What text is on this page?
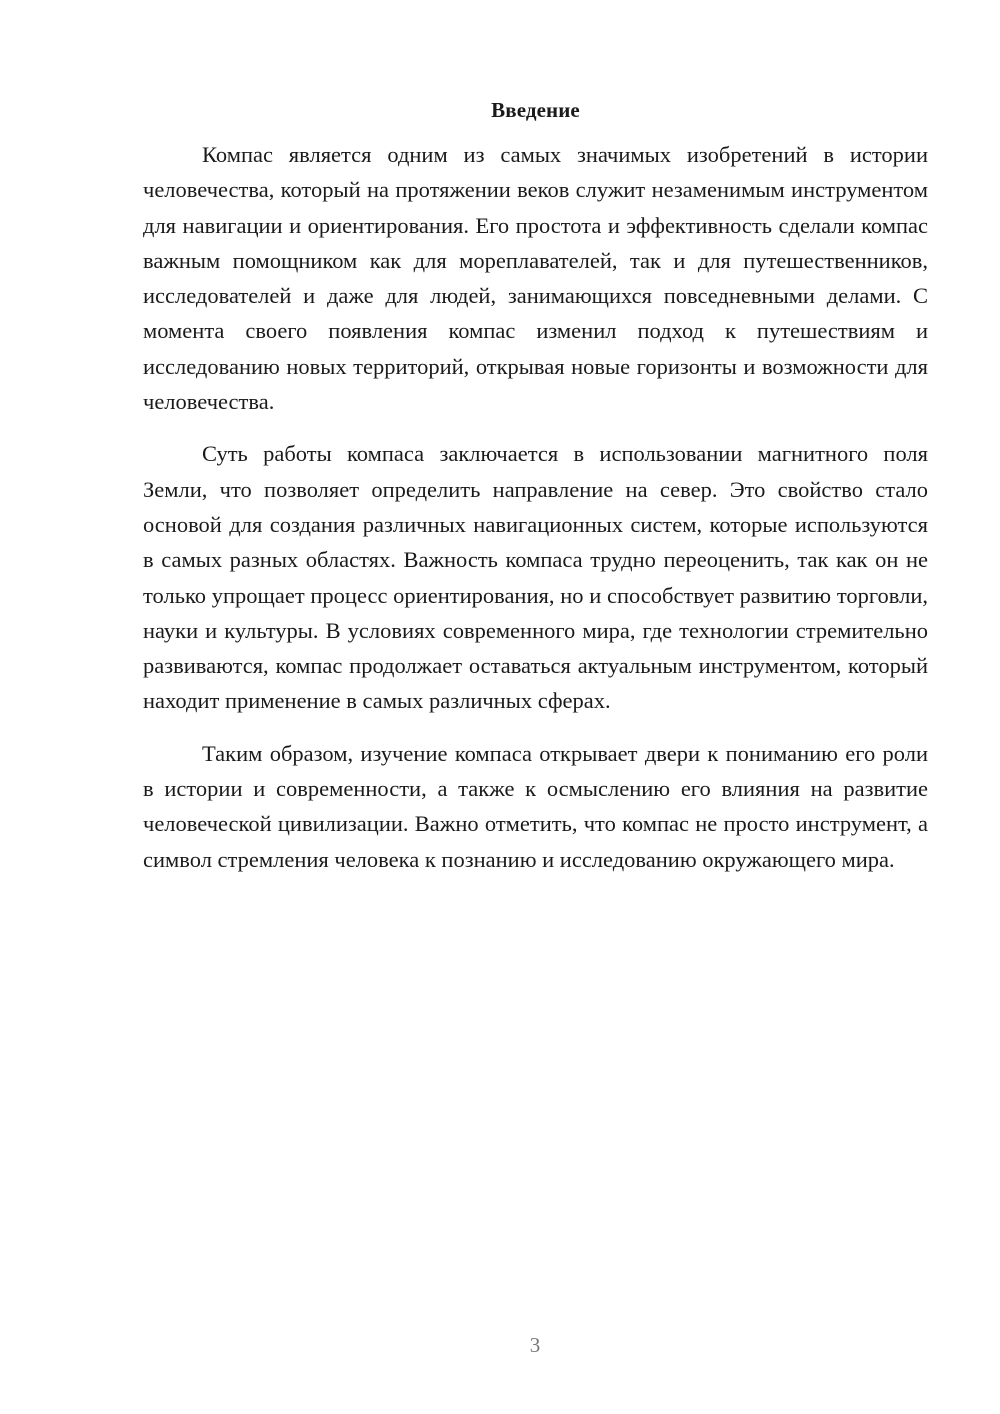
Введение

Компас является одним из самых значимых изобретений в истории человечества, который на протяжении веков служит незаменимым инструментом для навигации и ориентирования. Его простота и эффективность сделали компас важным помощником как для мореплавателей, так и для путешественников, исследователей и даже для людей, занимающихся повседневными делами. С момента своего появления компас изменил подход к путешествиям и исследованию новых территорий, открывая новые горизонты и возможности для человечества.

Суть работы компаса заключается в использовании магнитного поля Земли, что позволяет определить направление на север. Это свойство стало основой для создания различных навигационных систем, которые используются в самых разных областях. Важность компаса трудно переоценить, так как он не только упрощает процесс ориентирования, но и способствует развитию торговли, науки и культуры. В условиях современного мира, где технологии стремительно развиваются, компас продолжает оставаться актуальным инструментом, который находит применение в самых различных сферах.

Таким образом, изучение компаса открывает двери к пониманию его роли в истории и современности, а также к осмыслению его влияния на развитие человеческой цивилизации. Важно отметить, что компас не просто инструмент, а символ стремления человека к познанию и исследованию окружающего мира.

3
